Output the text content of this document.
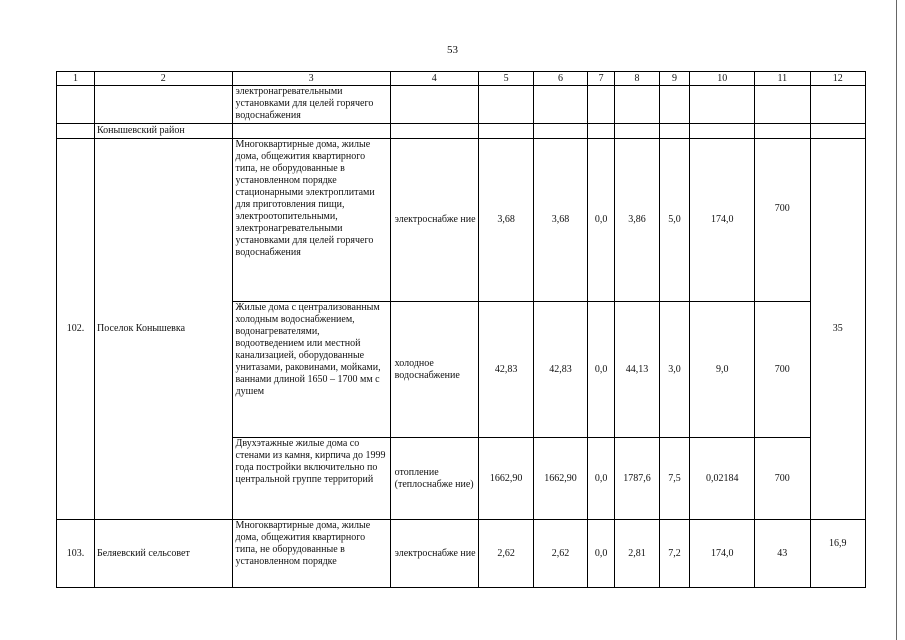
53
1	2	3	4	5	6	7	8	9	10	11	12
		электронагревательными установками для целей горячего водоснабжения									
	Конышевский район										
102.	Поселок Конышевка	Многоквартирные дома, жилые дома, общежития квартирного типа, не оборудованные в установленном порядке стационарными электроплитами для приготовления пищи, электроотопительными, электронагревательными установками для целей горячего водоснабжения	электроснабже ние	3,68	3,68	0,0	3,86	5,0	174,0	700	35
		Жилые дома с централизованным холодным водоснабжением, водонагревателями, водоотведением или местной канализацией, оборудованные унитазами, раковинами, мойками, ваннами длиной 1650 – 1700 мм с душем	холодное водоснабжение	42,83	42,83	0,0	44,13	3,0	9,0	700	
		Двухэтажные жилые дома со стенами из камня, кирпича до 1999 года постройки включительно по центральной группе территорий	отопление (теплоснабже ние)	1662,90	1662,90	0,0	1787,6	7,5	0,02184	700	
103.	Беляевский сельсовет	Многоквартирные дома, жилые дома, общежития квартирного типа, не оборудованные в установленном порядке	электроснабже ние	2,62	2,62	0,0	2,81	7,2	174,0	43	16,9
